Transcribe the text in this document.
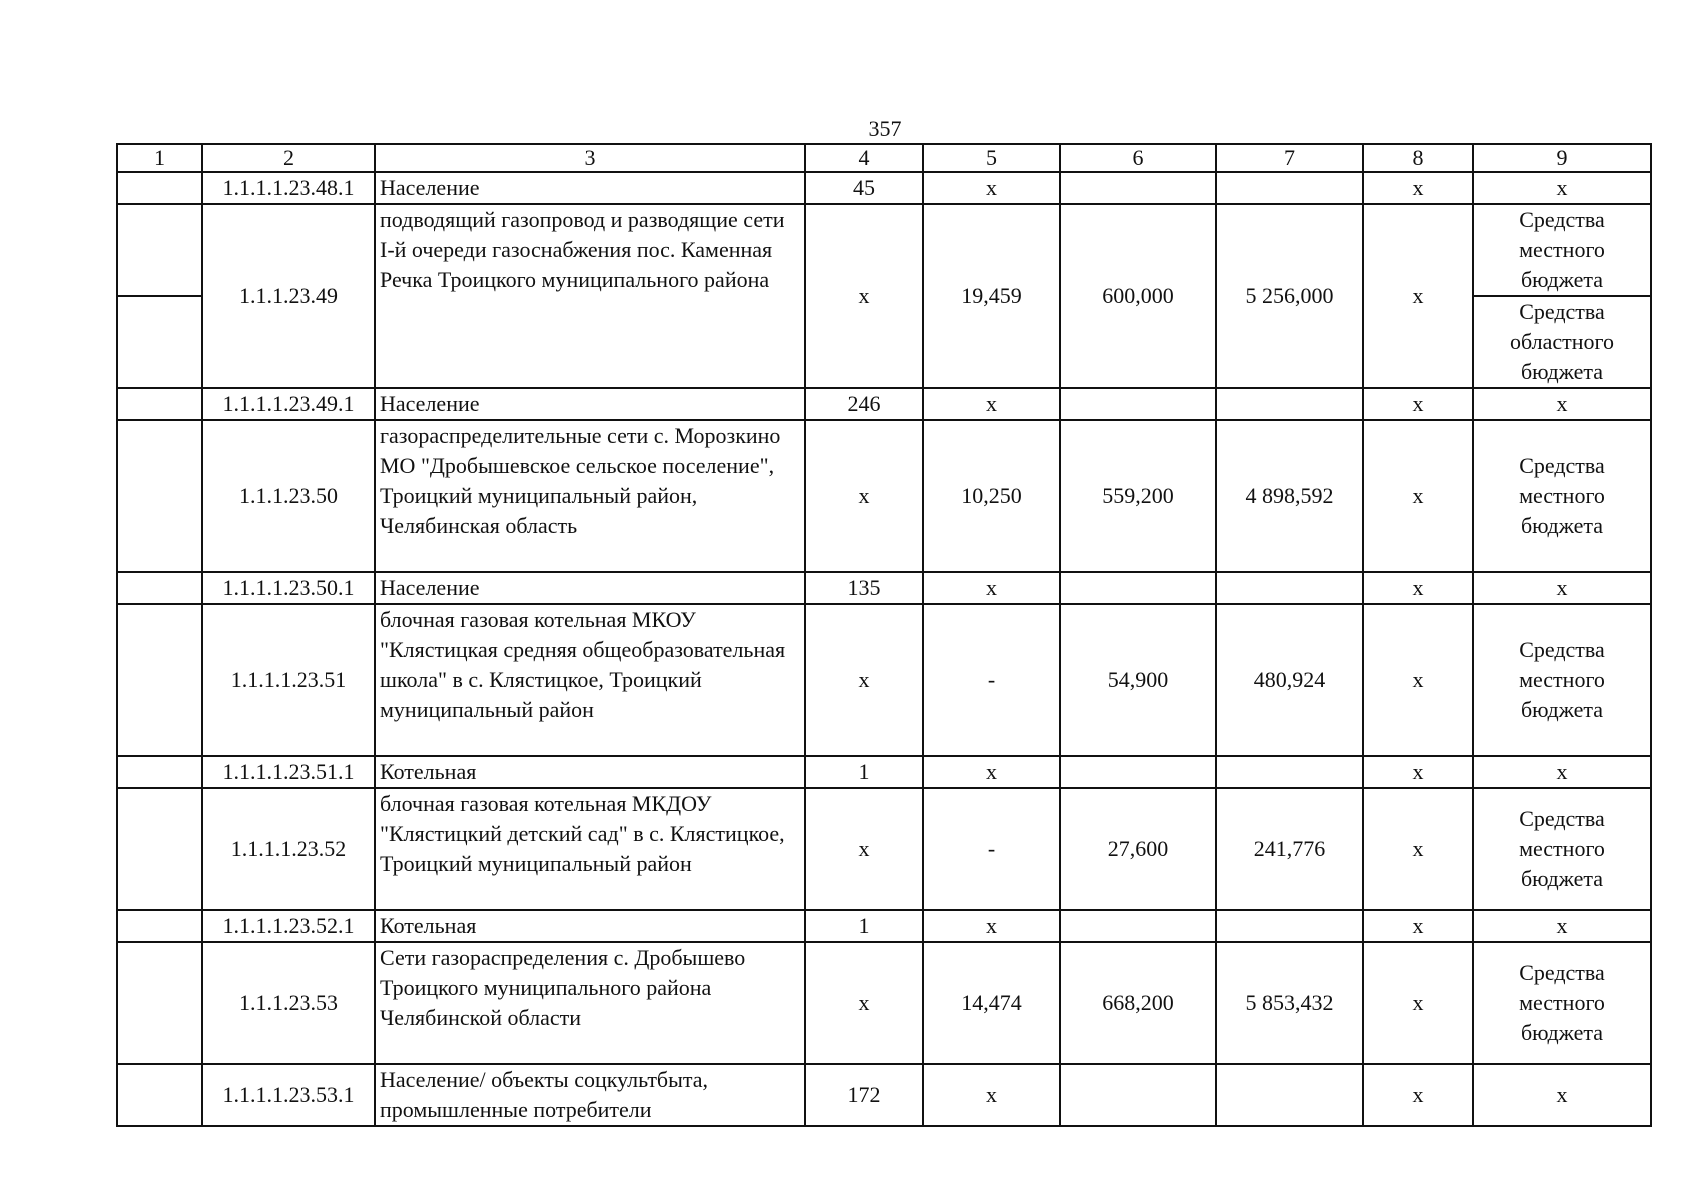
357
1	2	3	4	5	6	7	8	9
	1.1.1.1.23.48.1	Население	45	x			x	x
	1.1.1.23.49	подводящий газопровод и разводящие сети I-й очереди газоснабжения пос. Каменная Речка Троицкого муниципального района	x	19,459	600,000	5 256,000	x	Средства местного бюджета
								Средства областного бюджета
	1.1.1.1.23.49.1	Население	246	x			x	x
	1.1.1.23.50	газораспределительные сети с. Морозкино МО "Дробышевское сельское поселение", Троицкий муниципальный район, Челябинская область	x	10,250	559,200	4 898,592	x	Средства местного бюджета
	1.1.1.1.23.50.1	Население	135	x			x	x
	1.1.1.1.23.51	блочная газовая котельная МКОУ "Клястицкая средняя общеобразовательная школа" в с. Клястицкое, Троицкий муниципальный район	x	-	54,900	480,924	x	Средства местного бюджета
	1.1.1.1.23.51.1	Котельная	1	x			x	x
	1.1.1.1.23.52	блочная газовая котельная МКДОУ "Клястицкий детский сад" в с. Клястицкое, Троицкий муниципальный район	x	-	27,600	241,776	x	Средства местного бюджета
	1.1.1.1.23.52.1	Котельная	1	x			x	x
	1.1.1.23.53	Сети газораспределения с. Дробышево Троицкого муниципального района Челябинской области	x	14,474	668,200	5 853,432	x	Средства местного бюджета
	1.1.1.1.23.53.1	Население/ объекты соцкультбыта, промышленные потребители	172	x			x	x
